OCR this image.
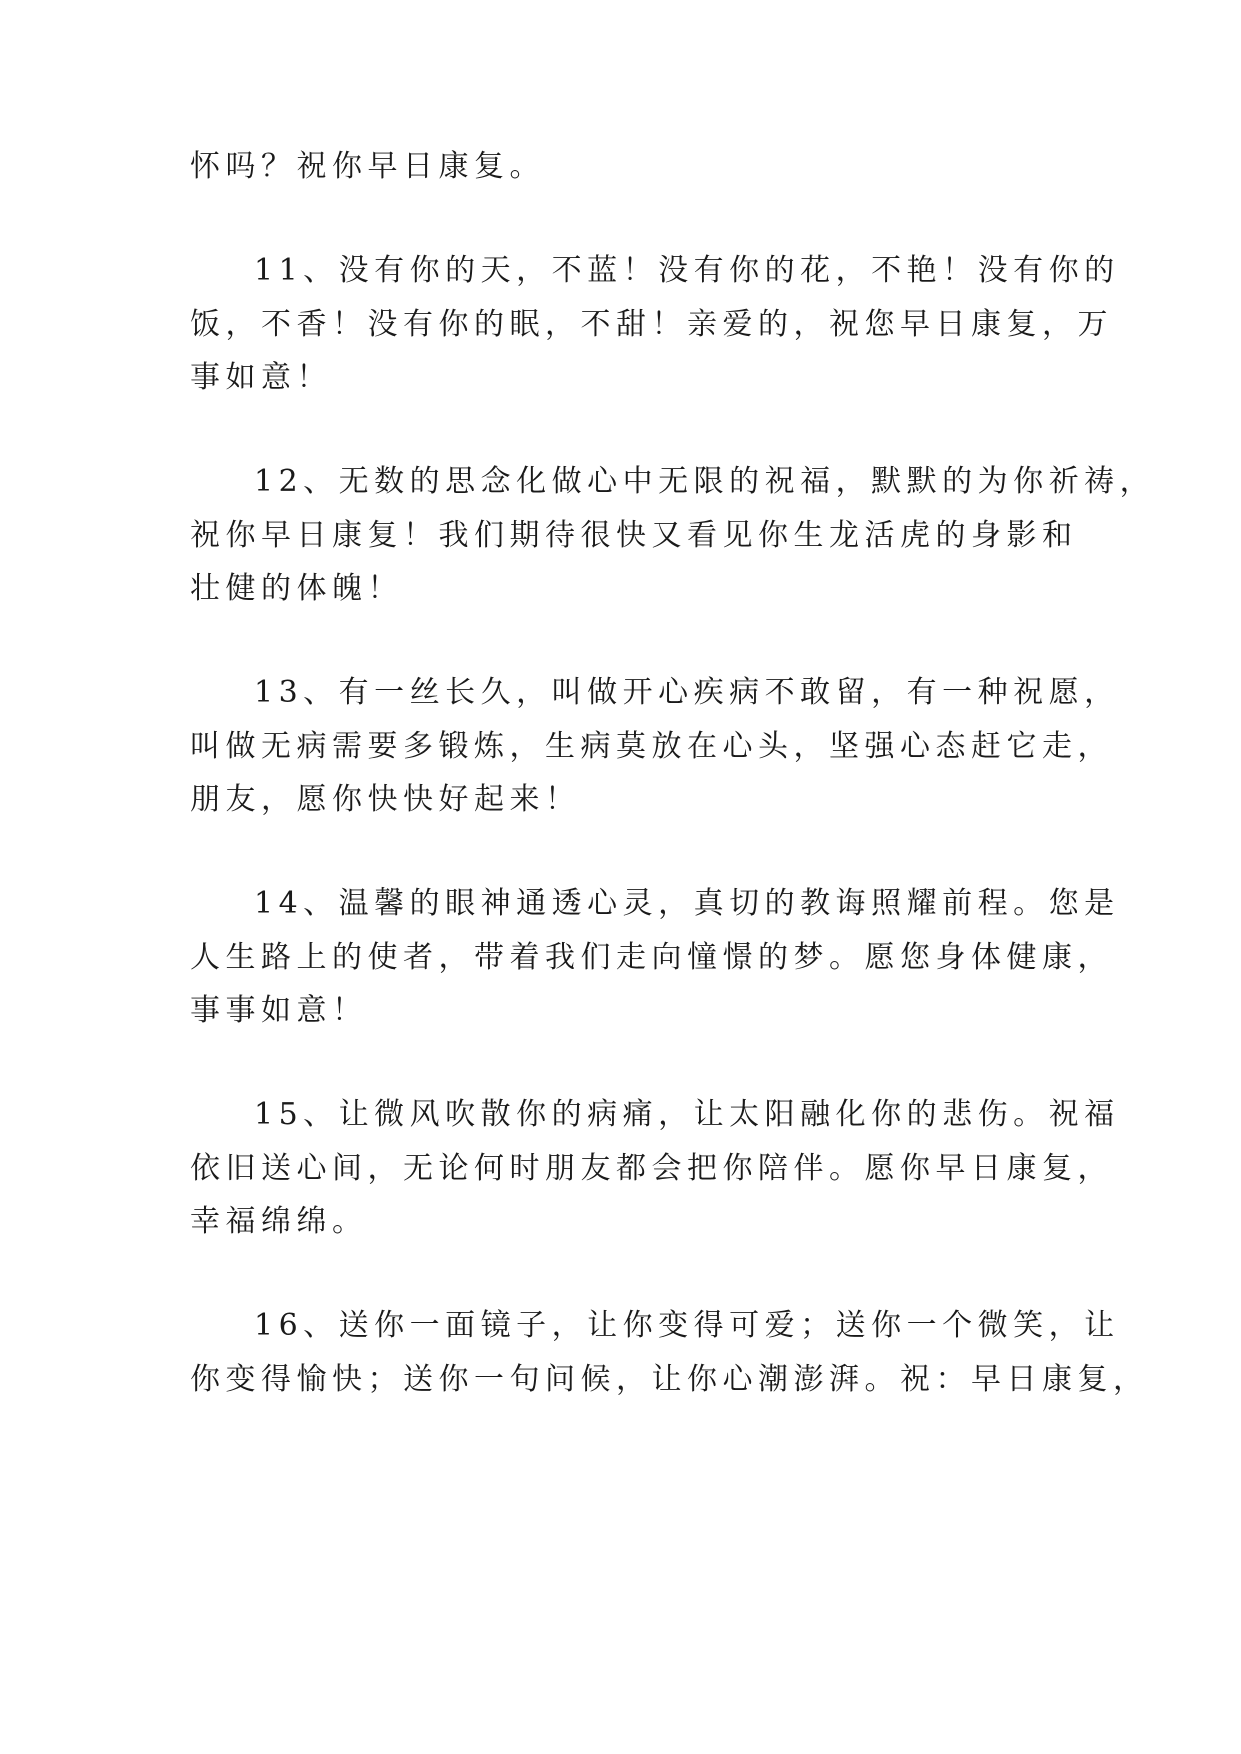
怀吗？祝你早日康复。
11、没有你的天，不蓝！没有你的花，不艳！没有你的
饭，不香！没有你的眠，不甜！亲爱的，祝您早日康复，万
事如意！
12、无数的思念化做心中无限的祝福，默默的为你祈祷，
祝你早日康复！我们期待很快又看见你生龙活虎的身影和
壮健的体魄！
13、有一丝长久，叫做开心疾病不敢留，有一种祝愿，
叫做无病需要多锻炼，生病莫放在心头，坚强心态赶它走，
朋友，愿你快快好起来！
14、温馨的眼神通透心灵，真切的教诲照耀前程。您是
人生路上的使者，带着我们走向憧憬的梦。愿您身体健康，
事事如意！
15、让微风吹散你的病痛，让太阳融化你的悲伤。祝福
依旧送心间，无论何时朋友都会把你陪伴。愿你早日康复，
幸福绵绵。
16、送你一面镜子，让你变得可爱；送你一个微笑，让
你变得愉快；送你一句问候，让你心潮澎湃。祝：早日康复，
